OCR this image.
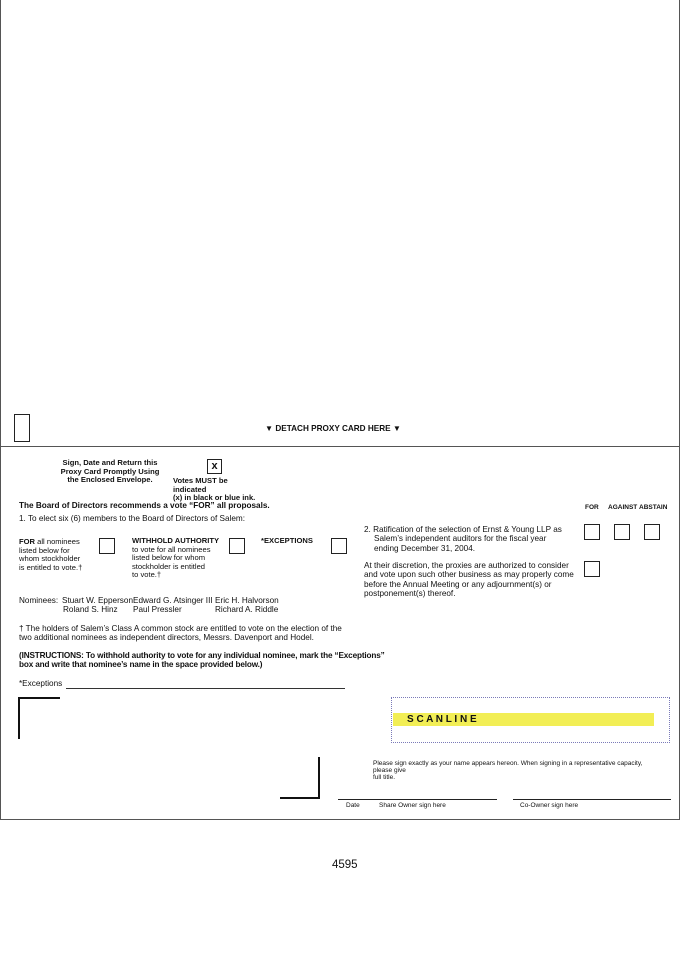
▼ DETACH PROXY CARD HERE ▼
Sign, Date and Return this
Proxy Card Promptly Using
the Enclosed Envelope.
x
Votes MUST be indicated
(x) in black or blue ink.
The Board of Directors recommends a vote “FOR” all proposals.
1. To elect six (6) members to the Board of Directors of Salem:
FOR all nominees
listed below for
whom stockholder
is entitled to vote.†
WITHHOLD AUTHORITY
to vote for all nominees
listed below for whom
stockholder is entitled
to vote.†
*EXCEPTIONS
Nominees: Stuart W. Epperson
Roland S. Hinz
Edward G. Atsinger III
Paul Pressler
Eric H. Halvorson
Richard A. Riddle
† The holders of Salem’s Class A common stock are entitled to vote on the election of the
two additional nominees as independent directors, Messrs. Davenport and Hodel.
(INSTRUCTIONS: To withhold authority to vote for any individual nominee, mark the “Exceptions”
box and write that nominee’s name in the space provided below.)
*Exceptions
FOR AGAINST ABSTAIN
2. Ratification of the selection of Ernst & Young LLP as
Salem’s independent auditors for the fiscal year
ending December 31, 2004.
At their discretion, the proxies are authorized to consider
and vote upon such other business as may properly come
before the Annual Meeting or any adjournment(s) or
postponement(s) thereof.
S C A N L I N E
Please sign exactly as your name appears hereon. When signing in a representative capacity, please give
full title.
Date	Share Owner sign here	Co-Owner sign here
4595
